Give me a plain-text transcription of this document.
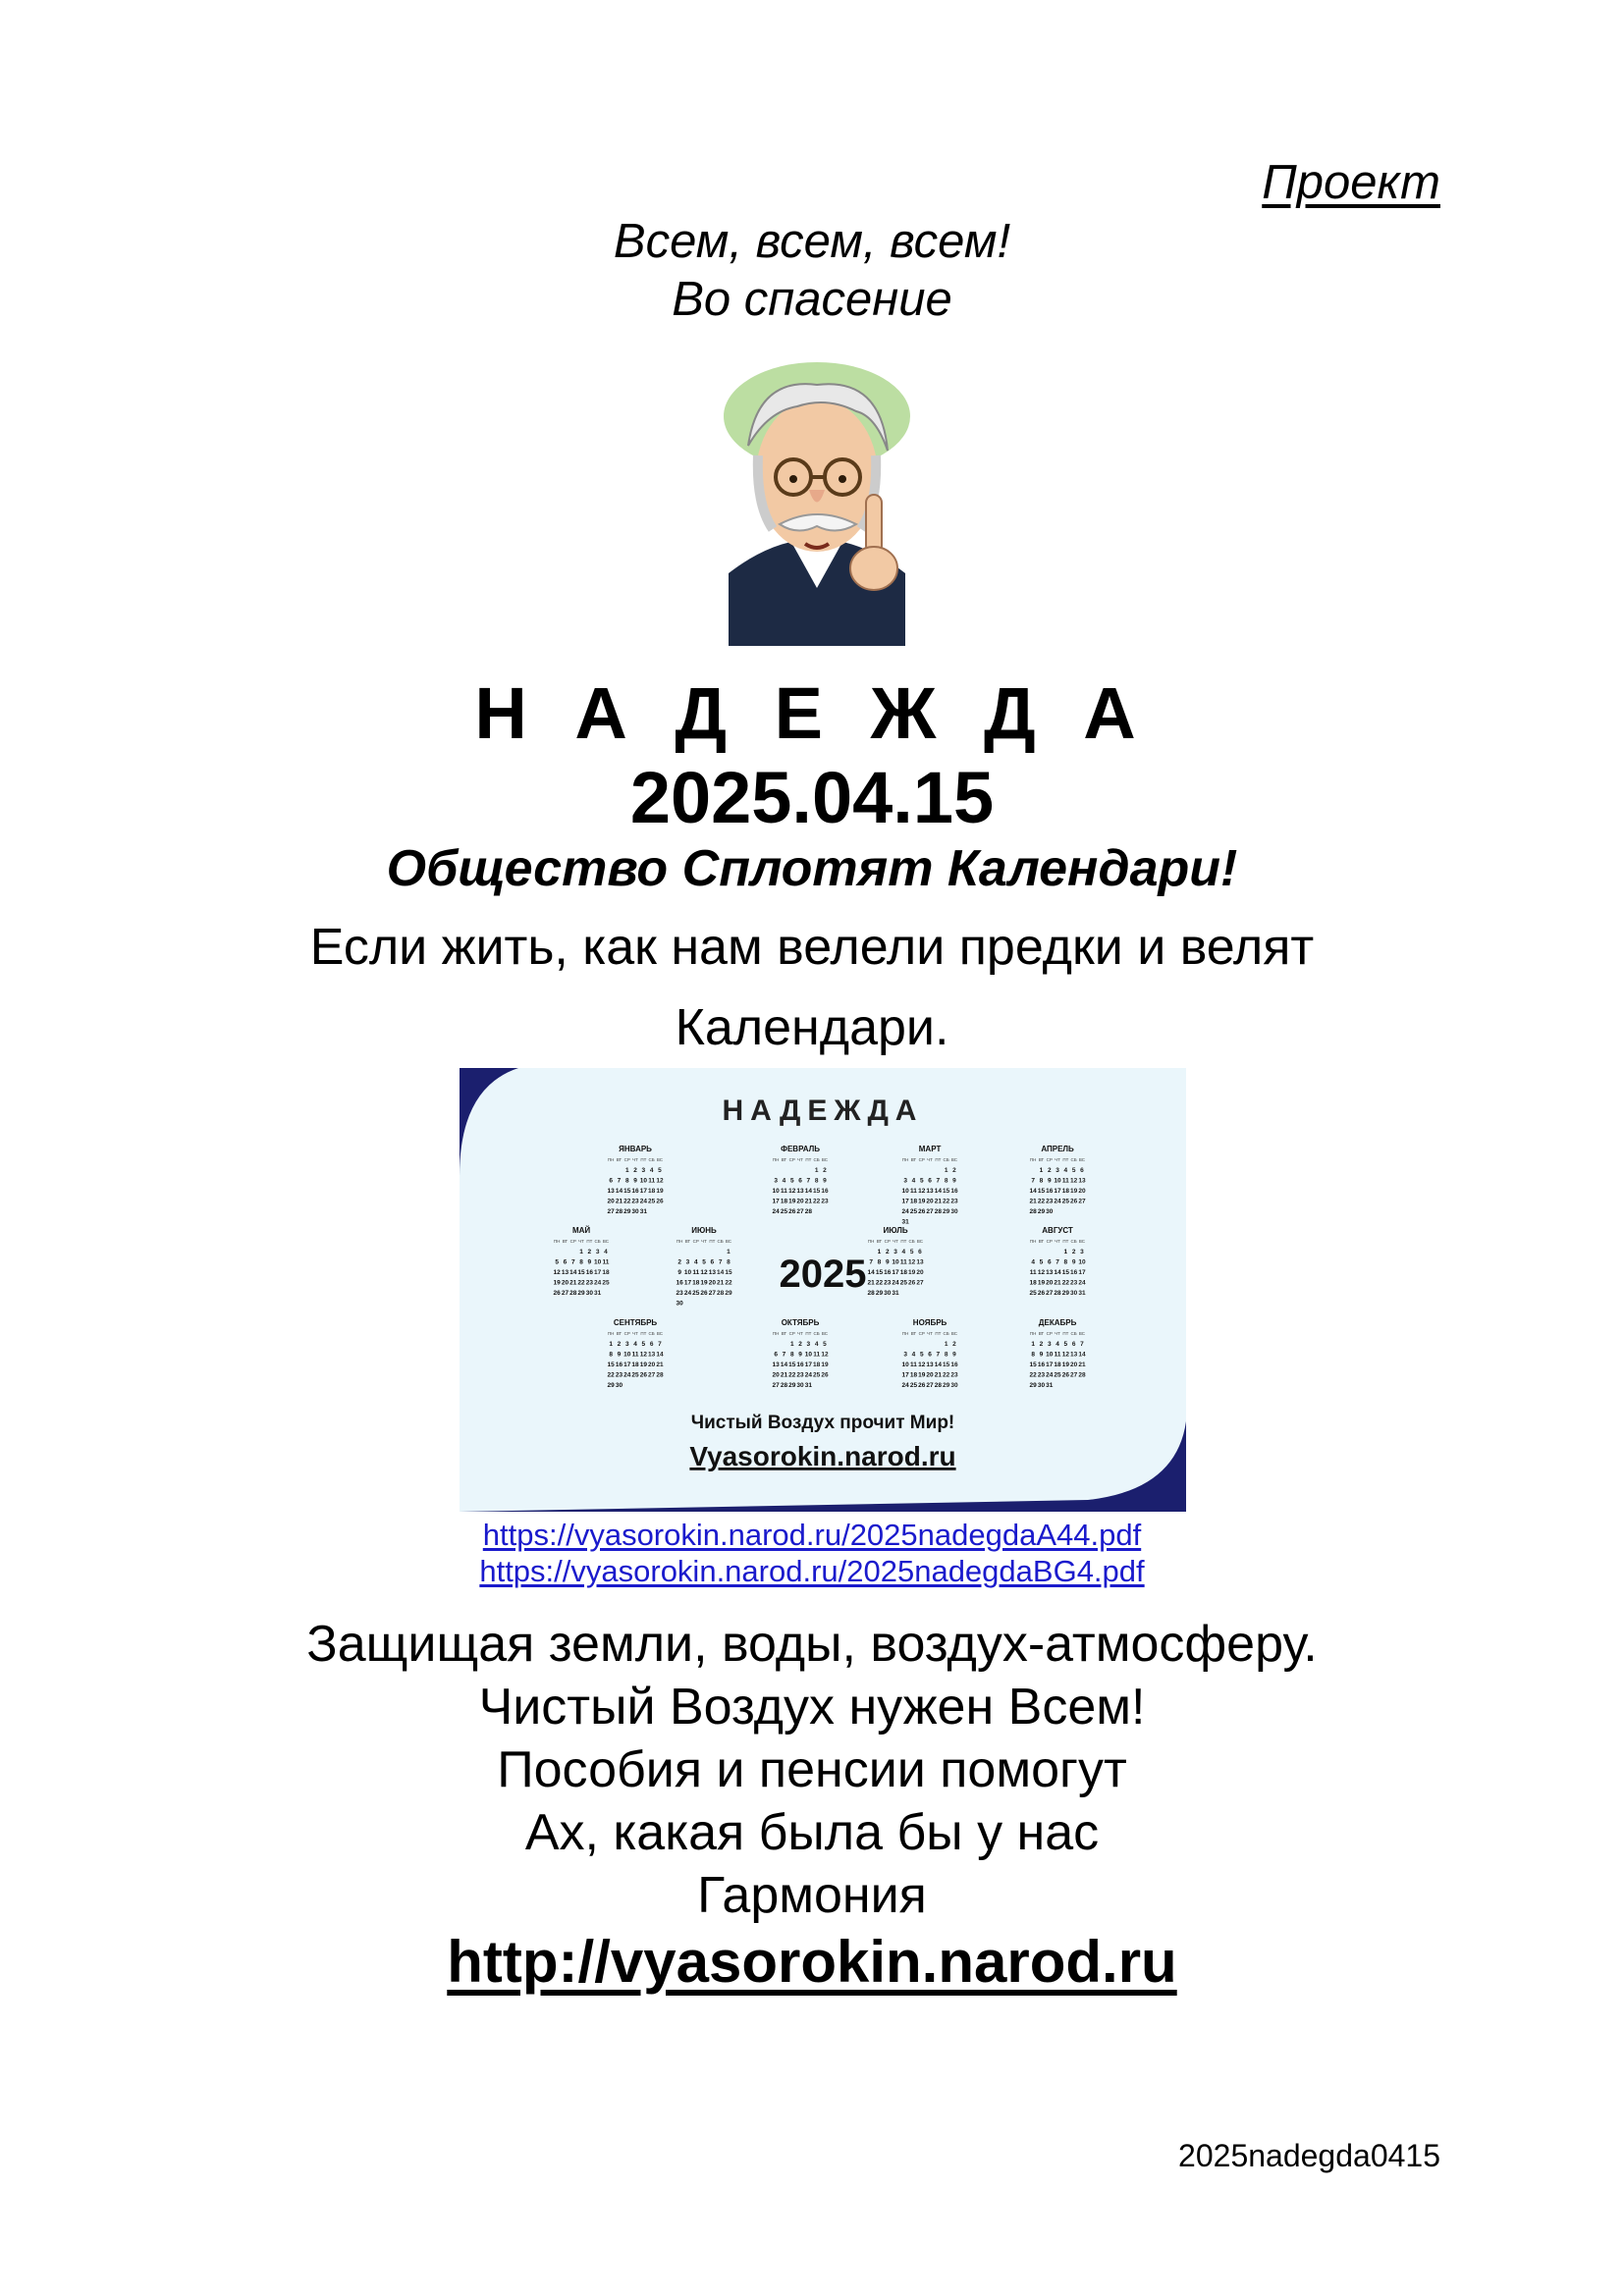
Проект
Всем, всем, всем!
Во спасение
Н А Д Е Ж Д А
2025.04.15
Общество Сплотят Календари!
Если жить, как нам велели предки и велят
Календари.
НАДЕЖДА
2025
ЯНВАРЬ
ПН ВТ СР ЧТ ПТ СБ ВС
1 2 3 4 5
6 7 8 9 10 11 12
13 14 15 16 17 18 19
20 21 22 23 24 25 26
27 28 29 30 31
ФЕВРАЛЬ
ПН ВТ СР ЧТ ПТ СБ ВС
1 2
3 4 5 6 7 8 9
10 11 12 13 14 15 16
17 18 19 20 21 22 23
24 25 26 27 28
МАРТ
ПН ВТ СР ЧТ ПТ СБ ВС
1 2
3 4 5 6 7 8 9
10 11 12 13 14 15 16
17 18 19 20 21 22 23
24 25 26 27 28 29 30
31
АПРЕЛЬ
ПН ВТ СР ЧТ ПТ СБ ВС
1 2 3 4 5 6
7 8 9 10 11 12 13
14 15 16 17 18 19 20
21 22 23 24 25 26 27
28 29 30
МАЙ
ПН ВТ СР ЧТ ПТ СБ ВС
1 2 3 4
5 6 7 8 9 10 11
12 13 14 15 16 17 18
19 20 21 22 23 24 25
26 27 28 29 30 31
ИЮНЬ
ПН ВТ СР ЧТ ПТ СБ ВС
1
2 3 4 5 6 7 8
9 10 11 12 13 14 15
16 17 18 19 20 21 22
23 24 25 26 27 28 29
30
ИЮЛЬ
ПН ВТ СР ЧТ ПТ СБ ВС
1 2 3 4 5 6
7 8 9 10 11 12 13
14 15 16 17 18 19 20
21 22 23 24 25 26 27
28 29 30 31
АВГУСТ
ПН ВТ СР ЧТ ПТ СБ ВС
1 2 3
4 5 6 7 8 9 10
11 12 13 14 15 16 17
18 19 20 21 22 23 24
25 26 27 28 29 30 31
СЕНТЯБРЬ
ПН ВТ СР ЧТ ПТ СБ ВС
1 2 3 4 5 6 7
8 9 10 11 12 13 14
15 16 17 18 19 20 21
22 23 24 25 26 27 28
29 30
ОКТЯБРЬ
ПН ВТ СР ЧТ ПТ СБ ВС
1 2 3 4 5
6 7 8 9 10 11 12
13 14 15 16 17 18 19
20 21 22 23 24 25 26
27 28 29 30 31
НОЯБРЬ
ПН ВТ СР ЧТ ПТ СБ ВС
1 2
3 4 5 6 7 8 9
10 11 12 13 14 15 16
17 18 19 20 21 22 23
24 25 26 27 28 29 30
ДЕКАБРЬ
ПН ВТ СР ЧТ ПТ СБ ВС
1 2 3 4 5 6 7
8 9 10 11 12 13 14
15 16 17 18 19 20 21
22 23 24 25 26 27 28
29 30 31
Чистый Воздух прочит Мир!
Vyasorokin.narod.ru
https://vyasorokin.narod.ru/2025nadegdaA44.pdf
https://vyasorokin.narod.ru/2025nadegdaBG4.pdf
Защищая земли, воды, воздух-атмосферу.
Чистый Воздух нужен Всем!
Пособия и пенсии помогут
Ах, какая была бы у нас
Гармония
http://vyasorokin.narod.ru
2025nadegda0415
